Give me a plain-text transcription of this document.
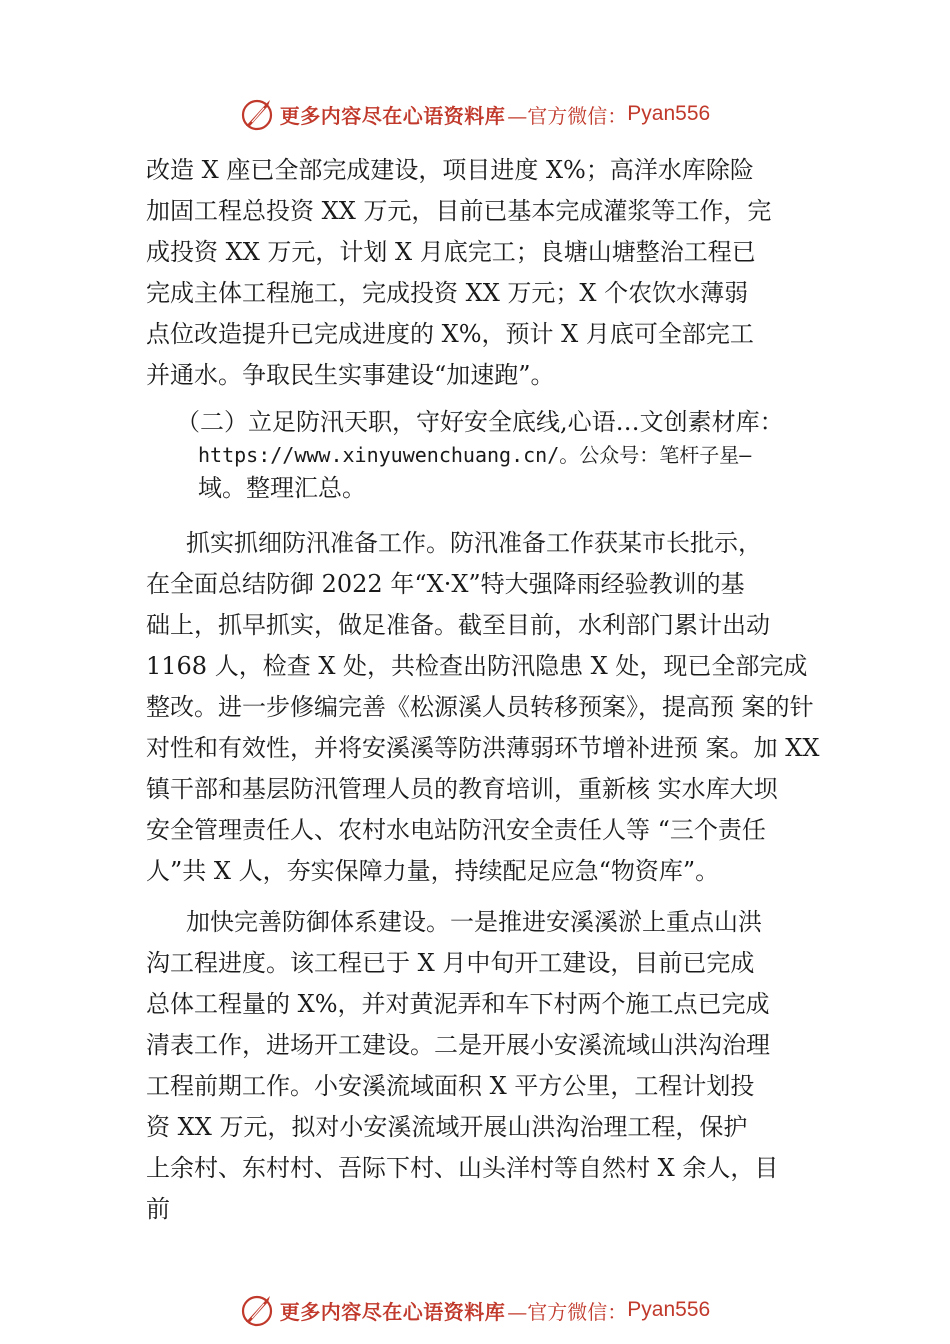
更多内容尽在心语资料库 —官方微信： Pyan556
改造 X 座已全部完成建设，项目进度 X%；高洋水库除险
加固工程总投资 XX 万元，目前已基本完成灌浆等工作，完
成投资 XX 万元，计划 X 月底完工；良塘山塘整治工程已
完成主体工程施工，完成投资 XX 万元；X 个农饮水薄弱
点位改造提升已完成进度的 X%，预计 X 月底可全部完工
并通水。争取民生实事建设“加速跑”。
（二）立足防汛天职，守好安全底线,心语…文创素材库：
https://www.xinyuwenchuang.cn/。公众号：笔杆子星—
域。整理汇总。
抓实抓细防汛准备工作。防汛准备工作获某市长批示，
在全面总结防御 2022 年“X·X”特大强降雨经验教训的基
础上，抓早抓实，做足准备。截至目前，水利部门累计出动
1168 人，检查 X 处，共检查出防汛隐患 X 处，现已全部完成
整改。进一步修编完善《松源溪人员转移预案》，提高预 案的针
对性和有效性，并将安溪溪等防洪薄弱环节增补进预 案。加 XX
镇干部和基层防汛管理人员的教育培训，重新核 实水库大坝
安全管理责任人、农村水电站防汛安全责任人等 “三个责任
人”共 X 人，夯实保障力量，持续配足应急“物资库”。
加快完善防御体系建设。一是推进安溪溪淤上重点山洪
沟工程进度。该工程已于 X 月中旬开工建设，目前已完成
总体工程量的 X%，并对黄泥弄和车下村两个施工点已完成
清表工作，进场开工建设。二是开展小安溪流域山洪沟治理
工程前期工作。小安溪流域面积 X 平方公里，工程计划投
资 XX 万元，拟对小安溪流域开展山洪沟治理工程，保护
上余村、东村村、吾际下村、山头洋村等自然村 X 余人，目
前
更多内容尽在心语资料库 —官方微信： Pyan556
